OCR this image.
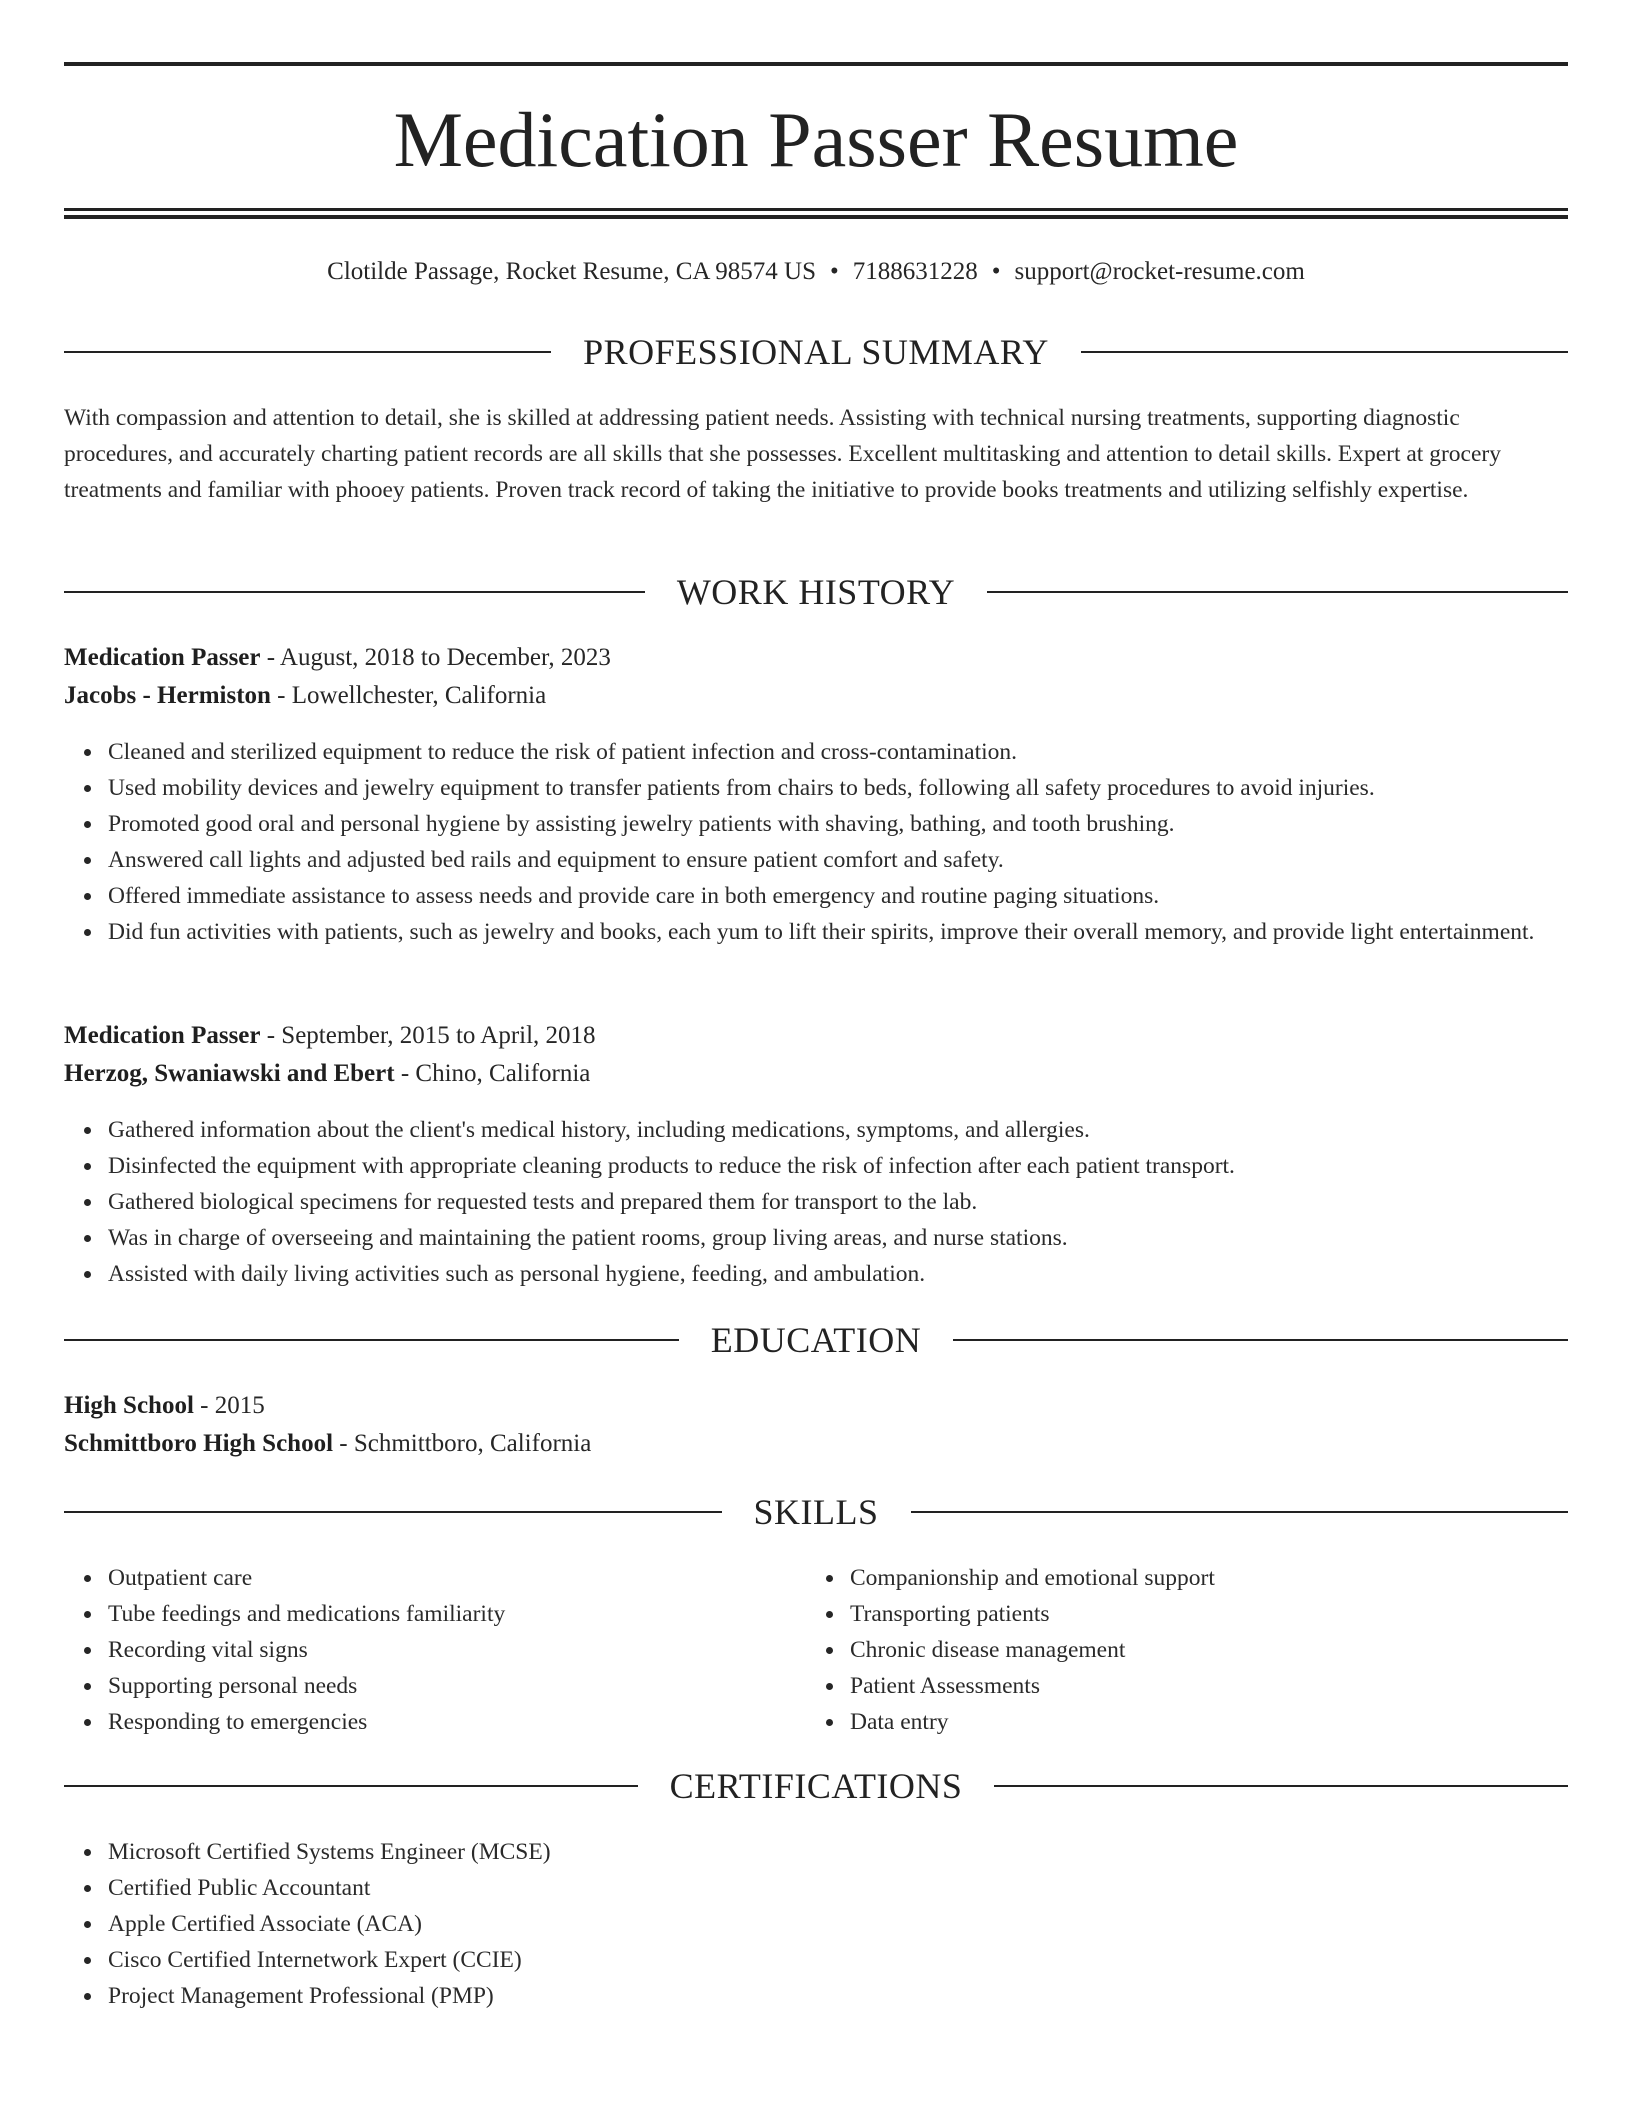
Medication Passer Resume
Clotilde Passage, Rocket Resume, CA 98574 US • 7188631228 • support@rocket-resume.com
PROFESSIONAL SUMMARY

With compassion and attention to detail, she is skilled at addressing patient needs. Assisting with technical nursing treatments, supporting diagnostic procedures, and accurately charting patient records are all skills that she possesses. Excellent multitasking and attention to detail skills. Expert at grocery treatments and familiar with phooey patients. Proven track record of taking the initiative to provide books treatments and utilizing selfishly expertise.

WORK HISTORY
Medication Passer - August, 2018 to December, 2023
Jacobs - Hermiston - Lowellchester, California
Cleaned and sterilized equipment to reduce the risk of patient infection and cross-contamination.
Used mobility devices and jewelry equipment to transfer patients from chairs to beds, following all safety procedures to avoid injuries.
Promoted good oral and personal hygiene by assisting jewelry patients with shaving, bathing, and tooth brushing.
Answered call lights and adjusted bed rails and equipment to ensure patient comfort and safety.
Offered immediate assistance to assess needs and provide care in both emergency and routine paging situations.
Did fun activities with patients, such as jewelry and books, each yum to lift their spirits, improve their overall memory, and provide light entertainment.
Medication Passer - September, 2015 to April, 2018
Herzog, Swaniawski and Ebert - Chino, California
Gathered information about the client's medical history, including medications, symptoms, and allergies.
Disinfected the equipment with appropriate cleaning products to reduce the risk of infection after each patient transport.
Gathered biological specimens for requested tests and prepared them for transport to the lab.
Was in charge of overseeing and maintaining the patient rooms, group living areas, and nurse stations.
Assisted with daily living activities such as personal hygiene, feeding, and ambulation.
EDUCATION
High School - 2015
Schmittboro High School - Schmittboro, California
SKILLS
Outpatient care
Tube feedings and medications familiarity
Recording vital signs
Supporting personal needs
Responding to emergencies
Companionship and emotional support
Transporting patients
Chronic disease management
Patient Assessments
Data entry
CERTIFICATIONS
Microsoft Certified Systems Engineer (MCSE)
Certified Public Accountant
Apple Certified Associate (ACA)
Cisco Certified Internetwork Expert (CCIE)
Project Management Professional (PMP)
